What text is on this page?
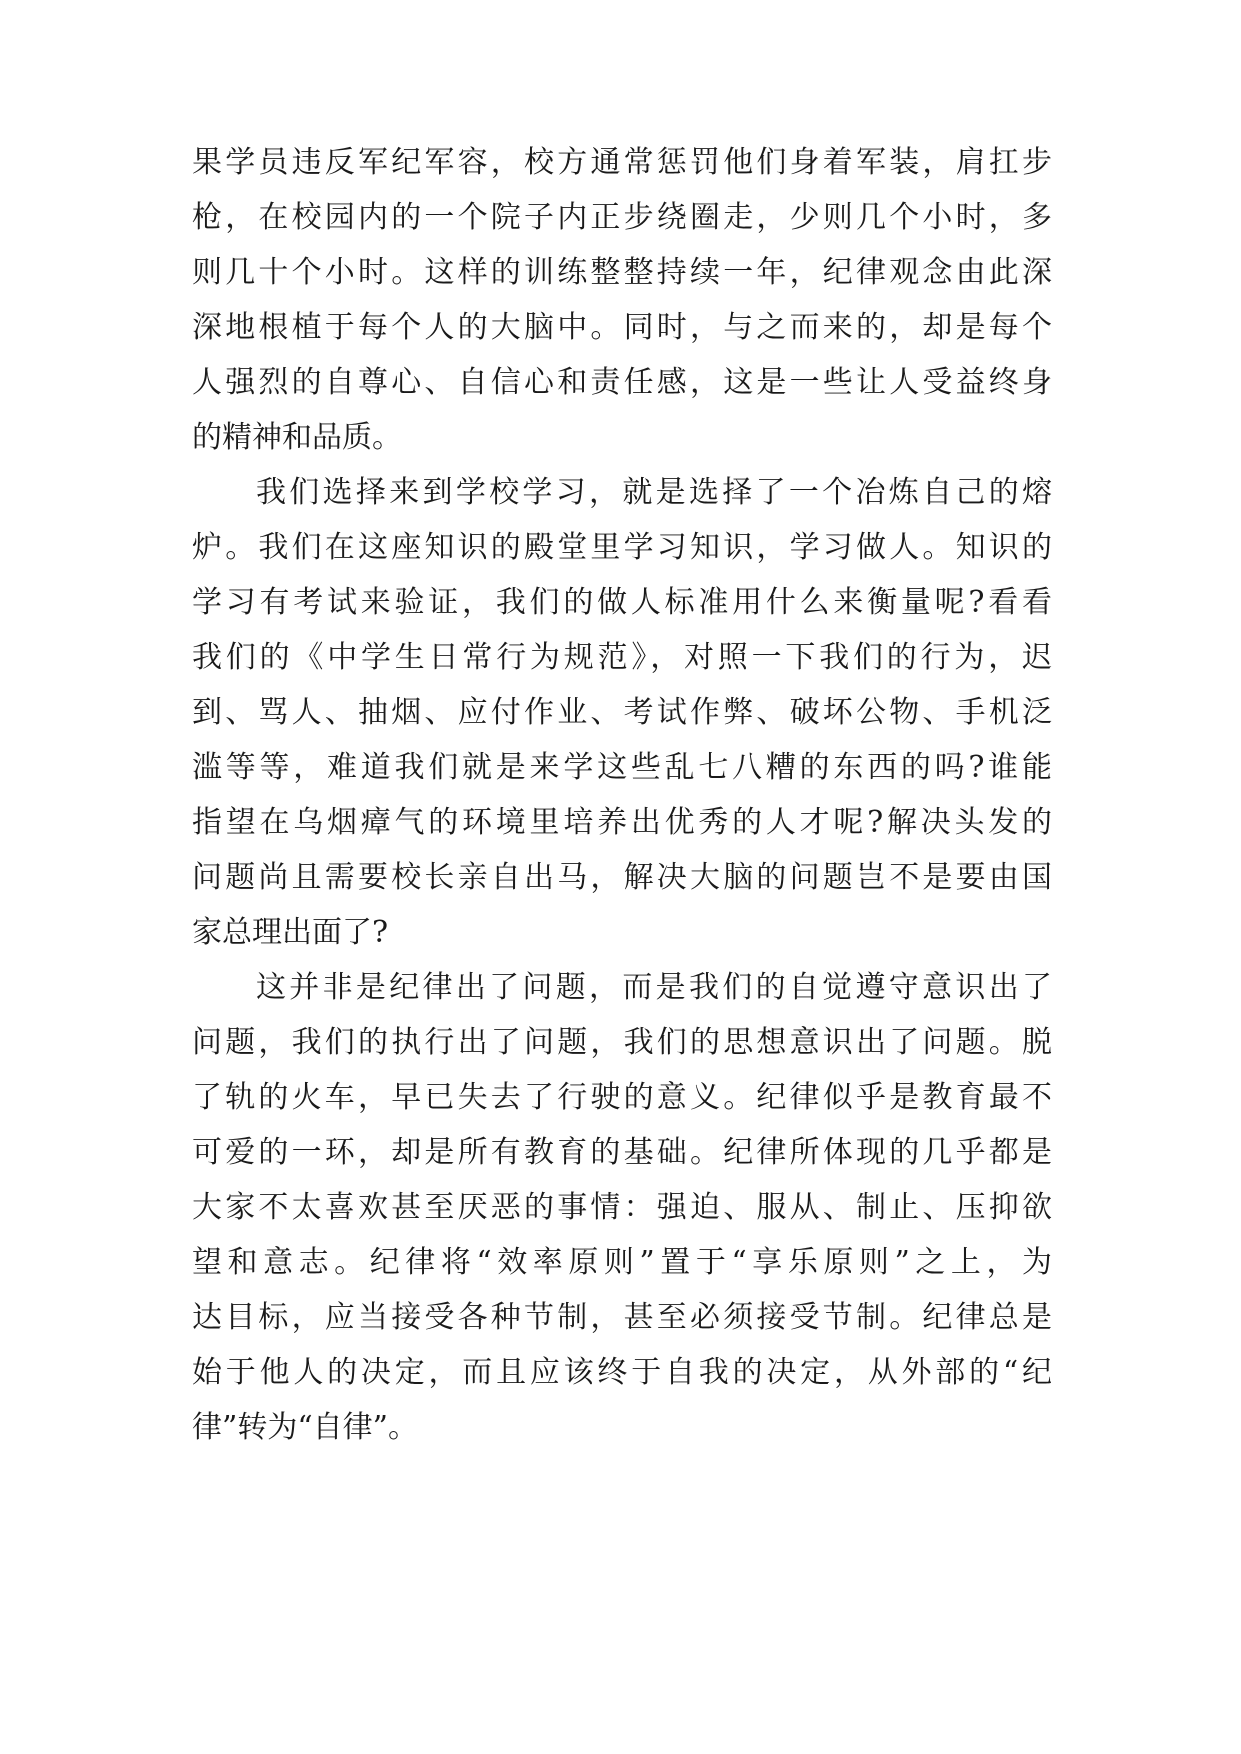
果学员违反军纪军容，校方通常惩罚他们身着军装，肩扛步
枪，在校园内的一个院子内正步绕圈走，少则几个小时，多
则几十个小时。这样的训练整整持续一年，纪律观念由此深
深地根植于每个人的大脑中。同时，与之而来的，却是每个
人强烈的自尊心、自信心和责任感，这是一些让人受益终身
的精神和品质。
我们选择来到学校学习，就是选择了一个冶炼自己的熔
炉。我们在这座知识的殿堂里学习知识，学习做人。知识的
学习有考试来验证，我们的做人标准用什么来衡量呢?看看
我们的《中学生日常行为规范》，对照一下我们的行为，迟
到、骂人、抽烟、应付作业、考试作弊、破坏公物、手机泛
滥等等，难道我们就是来学这些乱七八糟的东西的吗?谁能
指望在乌烟瘴气的环境里培养出优秀的人才呢?解决头发的
问题尚且需要校长亲自出马，解决大脑的问题岂不是要由国
家总理出面了?
这并非是纪律出了问题，而是我们的自觉遵守意识出了
问题，我们的执行出了问题，我们的思想意识出了问题。脱
了轨的火车，早已失去了行驶的意义。纪律似乎是教育最不
可爱的一环，却是所有教育的基础。纪律所体现的几乎都是
大家不太喜欢甚至厌恶的事情：强迫、服从、制止、压抑欲
望和意志。纪律将“效率原则”置于“享乐原则”之上，为
达目标，应当接受各种节制，甚至必须接受节制。纪律总是
始于他人的决定，而且应该终于自我的决定，从外部的“纪
律”转为“自律”。
